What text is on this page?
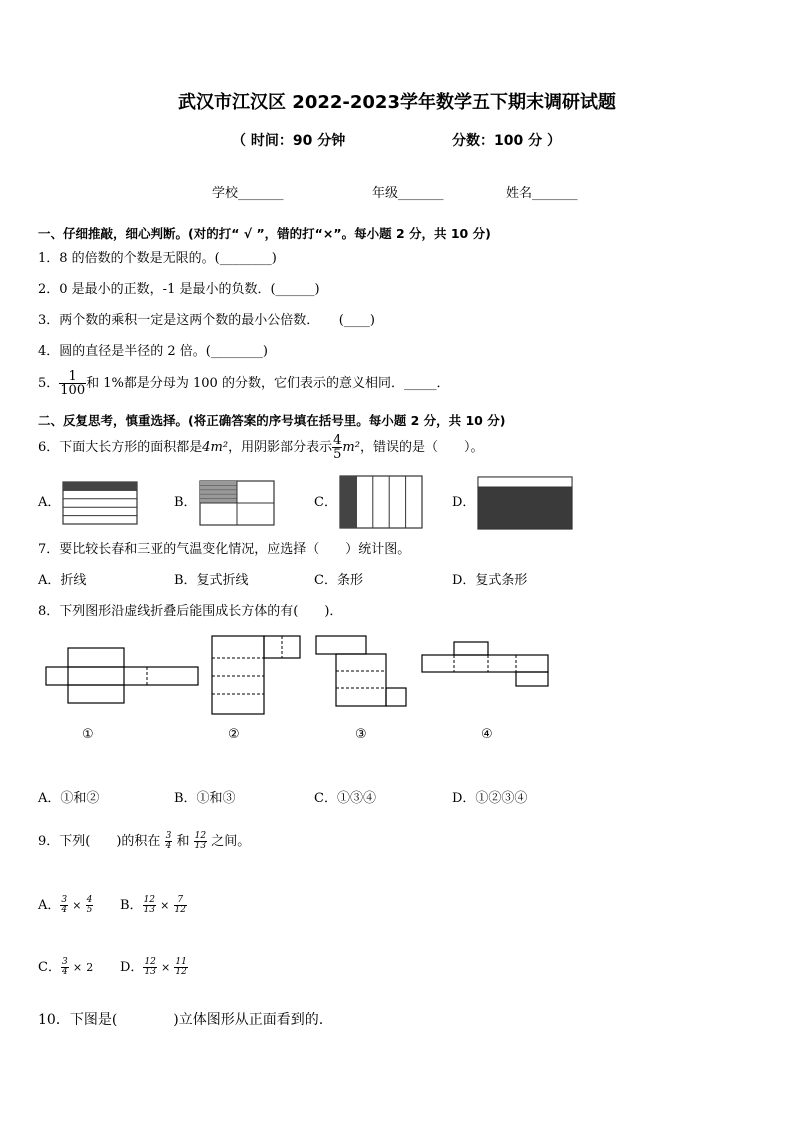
武汉市江汉区 2022-2023学年数学五下期末调研试题
（ 时间：90 分钟	分数：100 分 ）
学校_______	年级_______	姓名_______
一、仔细推敲，细心判断。(对的打“ √ ”，错的打“×”。每小题 2 分，共 10 分)
1．8 的倍数的个数是无限的。(________)
2．0 是最小的正数，-1 是最小的负数．(______)
3．两个数的乘积一定是这两个数的最小公倍数．　　(____)
4．圆的直径是半径的 2 倍。(________)
5． $\frac{1}{100}$ 和 1%都是分母为 100 的分数，它们表示的意义相同．_____．
二、反复思考，慎重选择。(将正确答案的序号填在括号里。每小题 2 分，共 10 分)
6．下面大长方形的面积都是4m²，用阴影部分表示 $\frac{4}{5} m^2$，错误的是（　　）。
A．	B．	C．	D．
7．要比较长春和三亚的气温变化情况，应选择（　　）统计图。
A．折线	B．复式折线	C．条形	D．复式条形
8．下列图形沿虚线折叠后能围成长方体的有(　　)．
①	②	③	④
A．①和②	B．①和③	C．①③④	D．①②③④
9．下列(　　)的积在 $\frac{3}{4}$ 和 $\frac{12}{13}$ 之间。
A． $\frac{3}{4} \times \frac{4}{5}$ B． $\frac{12}{13} \times \frac{7}{12}$
C． $\frac{3}{4} \times 2$ D． $\frac{12}{13} \times \frac{11}{12}$
10．下图是(　　　　)立体图形从正面看到的.
